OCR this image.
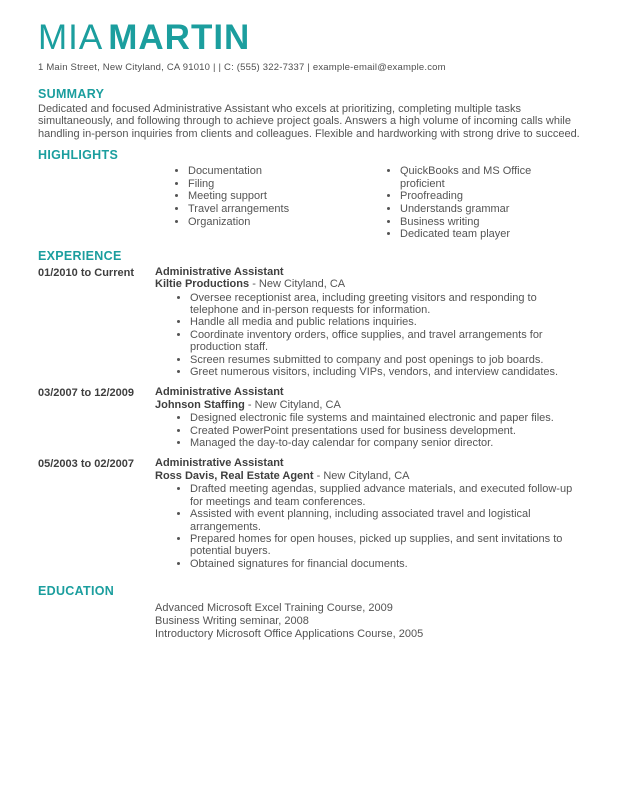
MIA MARTIN
1 Main Street, New Cityland, CA 91010 | | C: (555) 322-7337 | example-email@example.com
SUMMARY

Dedicated and focused Administrative Assistant who excels at prioritizing, completing multiple tasks simultaneously, and following through to achieve project goals. Answers a high volume of incoming calls while handling in-person inquiries from clients and colleagues. Flexible and hardworking with strong drive to succeed.

HIGHLIGHTS
• Documentation
• Filing
• Meeting support
• Travel arrangements
• Organization
• QuickBooks and MS Office proficient
• Proofreading
• Understands grammar
• Business writing
• Dedicated team player
EXPERIENCE
01/2010 to Current	Administrative Assistant
Kiltie Productions - New Cityland, CA
• Oversee receptionist area, including greeting visitors and responding to telephone and in-person requests for information.
• Handle all media and public relations inquiries.
• Coordinate inventory orders, office supplies, and travel arrangements for production staff.
• Screen resumes submitted to company and post openings to job boards.
• Greet numerous visitors, including VIPs, vendors, and interview candidates.
03/2007 to 12/2009	Administrative Assistant
Johnson Staffing - New Cityland, CA
• Designed electronic file systems and maintained electronic and paper files.
• Created PowerPoint presentations used for business development.
• Managed the day-to-day calendar for company senior director.
05/2003 to 02/2007	Administrative Assistant
Ross Davis, Real Estate Agent - New Cityland, CA
• Drafted meeting agendas, supplied advance materials, and executed follow-up for meetings and team conferences.
• Assisted with event planning, including associated travel and logistical arrangements.
• Prepared homes for open houses, picked up supplies, and sent invitations to potential buyers.
• Obtained signatures for financial documents.
EDUCATION
Advanced Microsoft Excel Training Course, 2009
Business Writing seminar, 2008
Introductory Microsoft Office Applications Course, 2005
